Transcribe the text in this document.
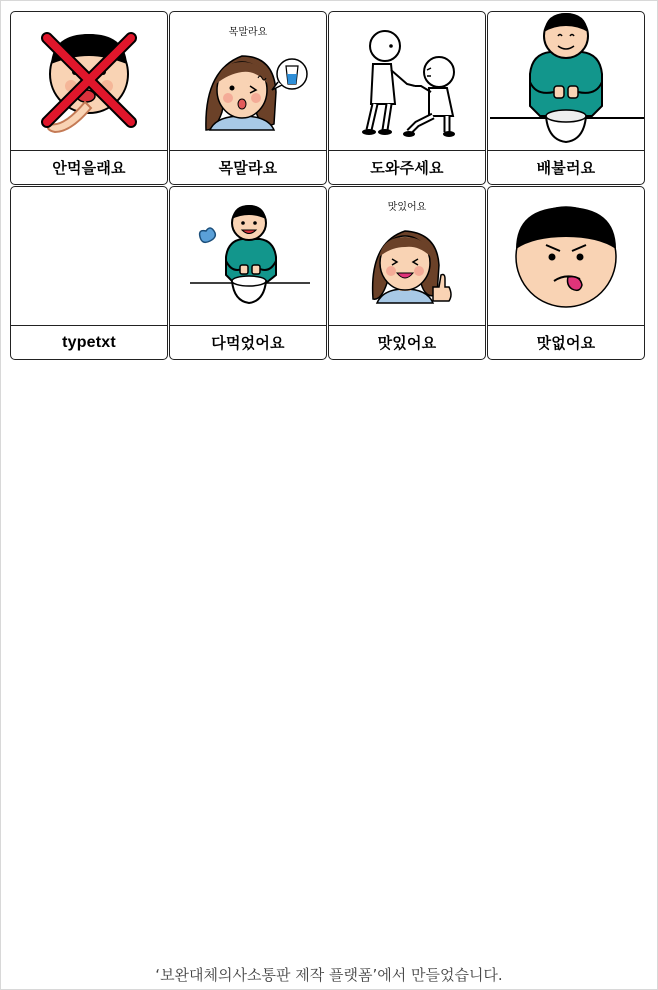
안먹을래요
목말라요
목말라요	도와주세요	배불러요
typetxt	다먹었어요
맛있어요
맛있어요	맛없어요
‘보완대체의사소통판 제작 플랫폼’에서 만들었습니다.
